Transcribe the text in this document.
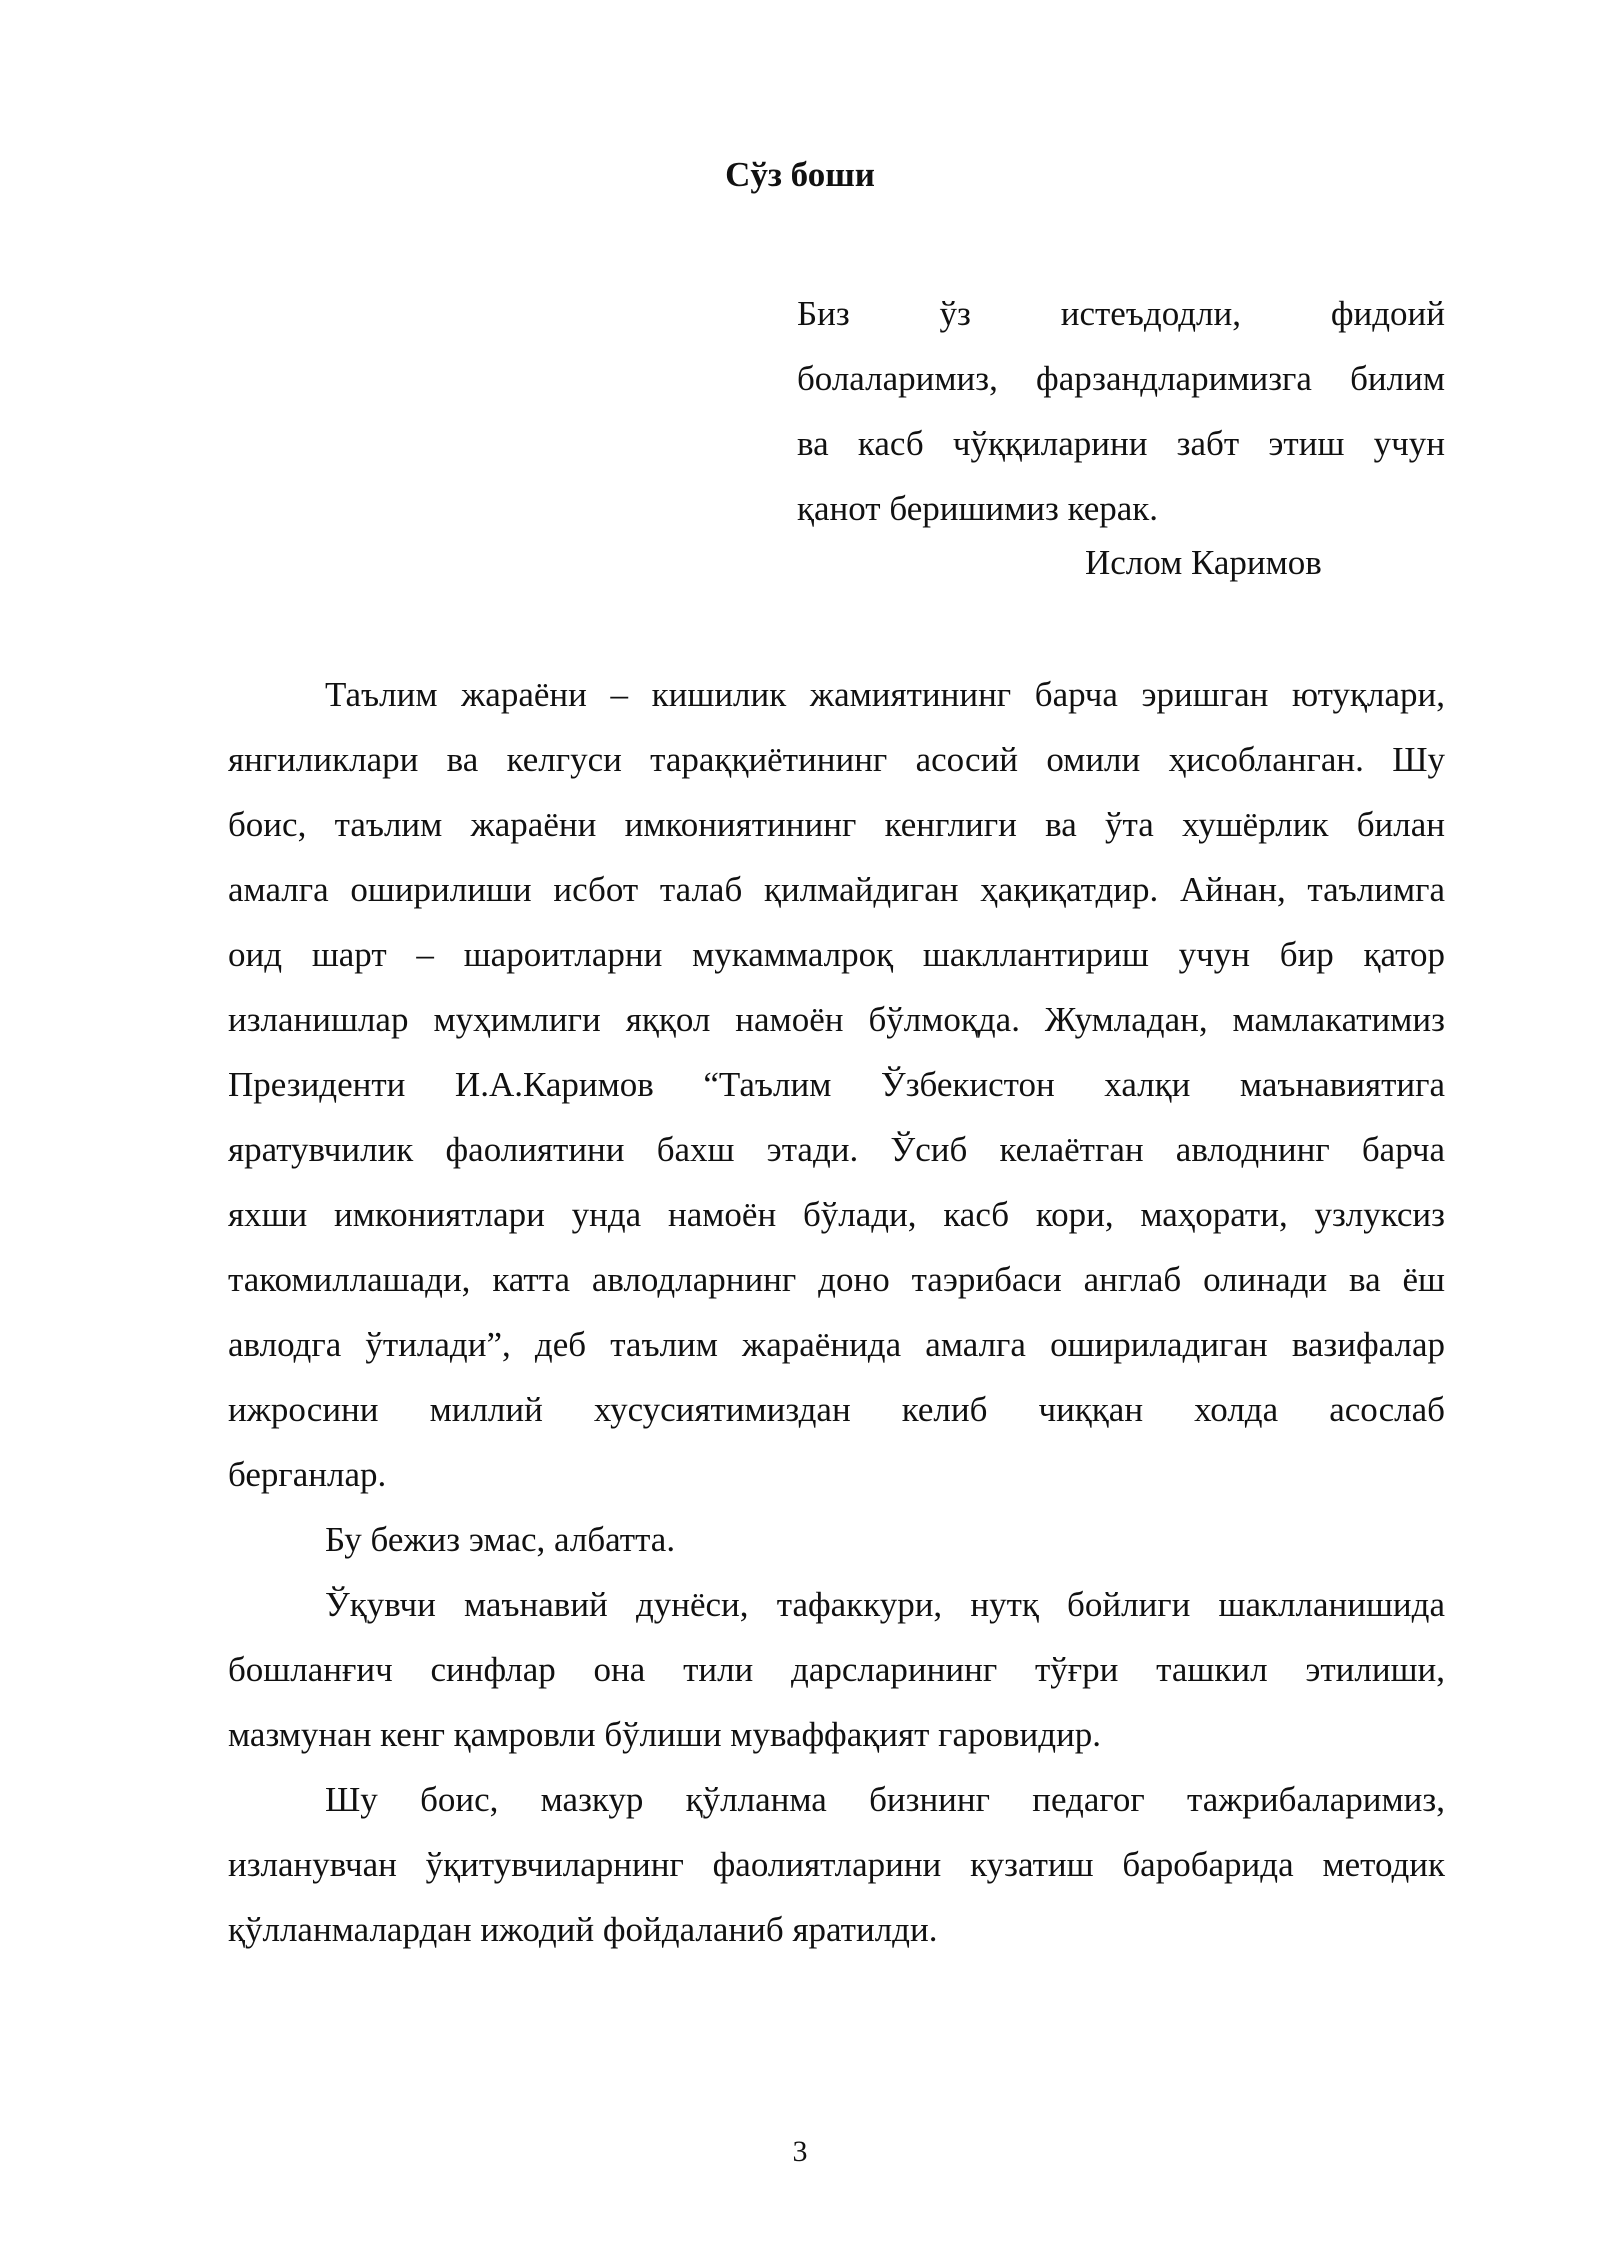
Сўз боши
Биз ўз истеъдодли, фидоий
болаларимиз, фарзандларимизга билим
ва касб чўққиларини забт этиш учун
қанот беришимиз керак.
Ислом Каримов
Таълим жараёни – кишилик жамиятининг барча эришган ютуқлари,
янгиликлари ва келгуси тараққиётининг асосий омили ҳисобланган. Шу
боис, таълим жараёни имкониятининг кенглиги ва ўта хушёрлик билан
амалга оширилиши исбот талаб қилмайдиган ҳақиқатдир. Айнан, таълимга
оид шарт – шароитларни мукаммалроқ шакллантириш учун бир қатор
изланишлар муҳимлиги яққол намоён бўлмоқда. Жумладан, мамлакатимиз
Президенти И.А.Каримов “Таълим Ўзбекистон халқи маънавиятига
яратувчилик фаолиятини бахш этади. Ўсиб келаётган авлоднинг барча
яхши имкониятлари унда намоён бўлади, касб кори, маҳорати, узлуксиз
такомиллашади, катта авлодларнинг доно таэрибаси англаб олинади ва ёш
авлодга ўтилади”, деб таълим жараёнида амалга ошириладиган вазифалар
ижросини миллий хусусиятимиздан келиб чиққан холда асослаб
берганлар.
Бу бежиз эмас, албатта.
Ўқувчи маънавий дунёси, тафаккури, нутқ бойлиги шаклланишида
бошланғич синфлар она тили дарсларининг тўғри ташкил этилиши,
мазмунан кенг қамровли бўлиши муваффақият гаровидир.
Шу боис, мазкур қўлланма бизнинг педагог тажрибаларимиз,
изланувчан ўқитувчиларнинг фаолиятларини кузатиш баробарида методик
қўлланмалардан ижодий фойдаланиб яратилди.
3
